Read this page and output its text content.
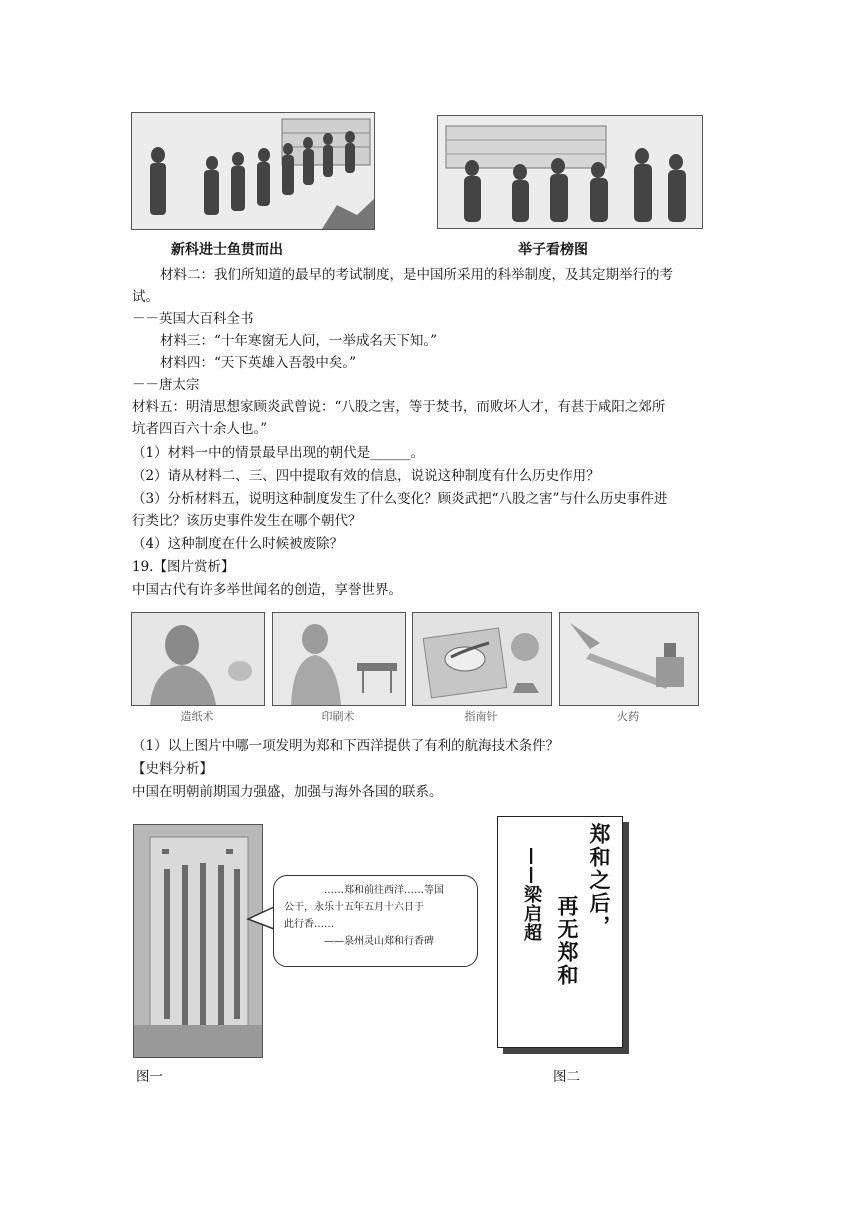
新科进士鱼贯而出	举子看榜图
材料二：我们所知道的最早的考试制度，是中国所采用的科举制度，及其定期举行的考
试。
－－英国大百科全书
材料三：“十年寒窗无人问，一举成名天下知。”
材料四：“天下英雄入吾彀中矣。”
－－唐太宗
材料五：明清思想家顾炎武曾说：“八股之害，等于焚书，而败坏人才，有甚于咸阳之郊所
坑者四百六十余人也。”
（1）材料一中的情景最早出现的朝代是______。
（2）请从材料二、三、四中提取有效的信息，说说这种制度有什么历史作用？
（3）分析材料五，说明这种制度发生了什么变化？顾炎武把“八股之害”与什么历史事件进
行类比？该历史事件发生在哪个朝代？
（4）这种制度在什么时候被废除？
19.【图片赏析】
中国古代有许多举世闻名的创造，享誉世界。
造纸术	印刷术	指南针	火药
（1）以上图片中哪一项发明为郑和下西洋提供了有利的航海技术条件？
【史料分析】
中国在明朝前期国力强盛，加强与海外各国的联系。
……郑和前往西洋……等国
公干，永乐十五年五月十六日于
此行香……
——泉州灵山郑和行香碑
郑和之后，
再无郑和
——梁启超
图一	图二
